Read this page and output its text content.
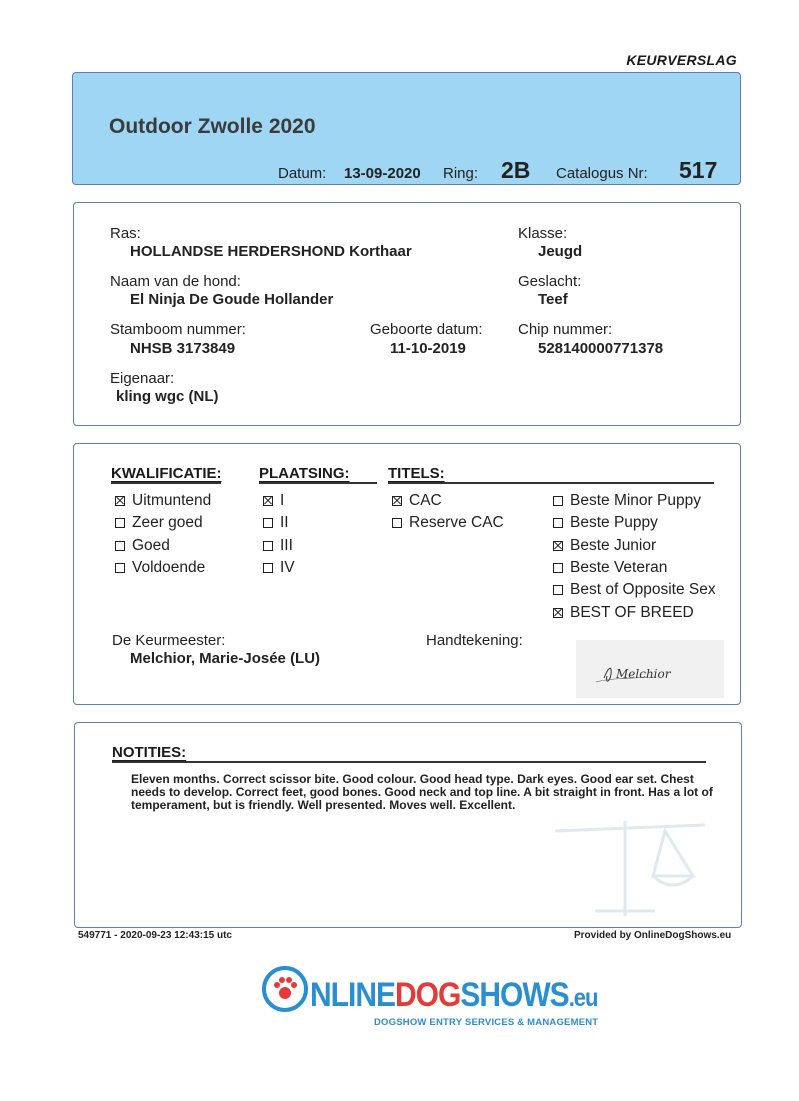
KEURVERSLAG
Outdoor Zwolle 2020
Datum: 13-09-2020 Ring: 2B Catalogus Nr: 517
Ras:
HOLLANDSE HERDERSHOND Korthaar
Klasse:
Jeugd
Naam van de hond:
El Ninja De Goude Hollander
Geslacht:
Teef
Stamboom nummer:
NHSB 3173849
Geboorte datum:
11-10-2019
Chip nummer:
528140000771378
Eigenaar:
kling wgc (NL)
KWALIFICATIE: PLAATSING:	TITELS:
Uitmuntend
Zeer goed
Goed
Voldoende
I
II
III
IV
CAC
Reserve CAC
Beste Minor Puppy
Beste Puppy
Beste Junior
Beste Veteran
Best of Opposite Sex
BEST OF BREED
De Keurmeester:
Melchior, Marie-Josée (LU)
Handtekening:
Melchior
NOTITIES:
Eleven months. Correct scissor bite. Good colour. Good head type. Dark eyes. Good ear set. Chest needs to develop. Correct feet, good bones. Good neck and top line. A bit straight in front. Has a lot of temperament, but is friendly. Well presented. Moves well. Excellent.
549771 - 2020-09-23 12:43:15 utc	Provided by OnlineDogShows.eu
NLINEDOGSHOWS.eu
DOGSHOW ENTRY SERVICES & MANAGEMENT
